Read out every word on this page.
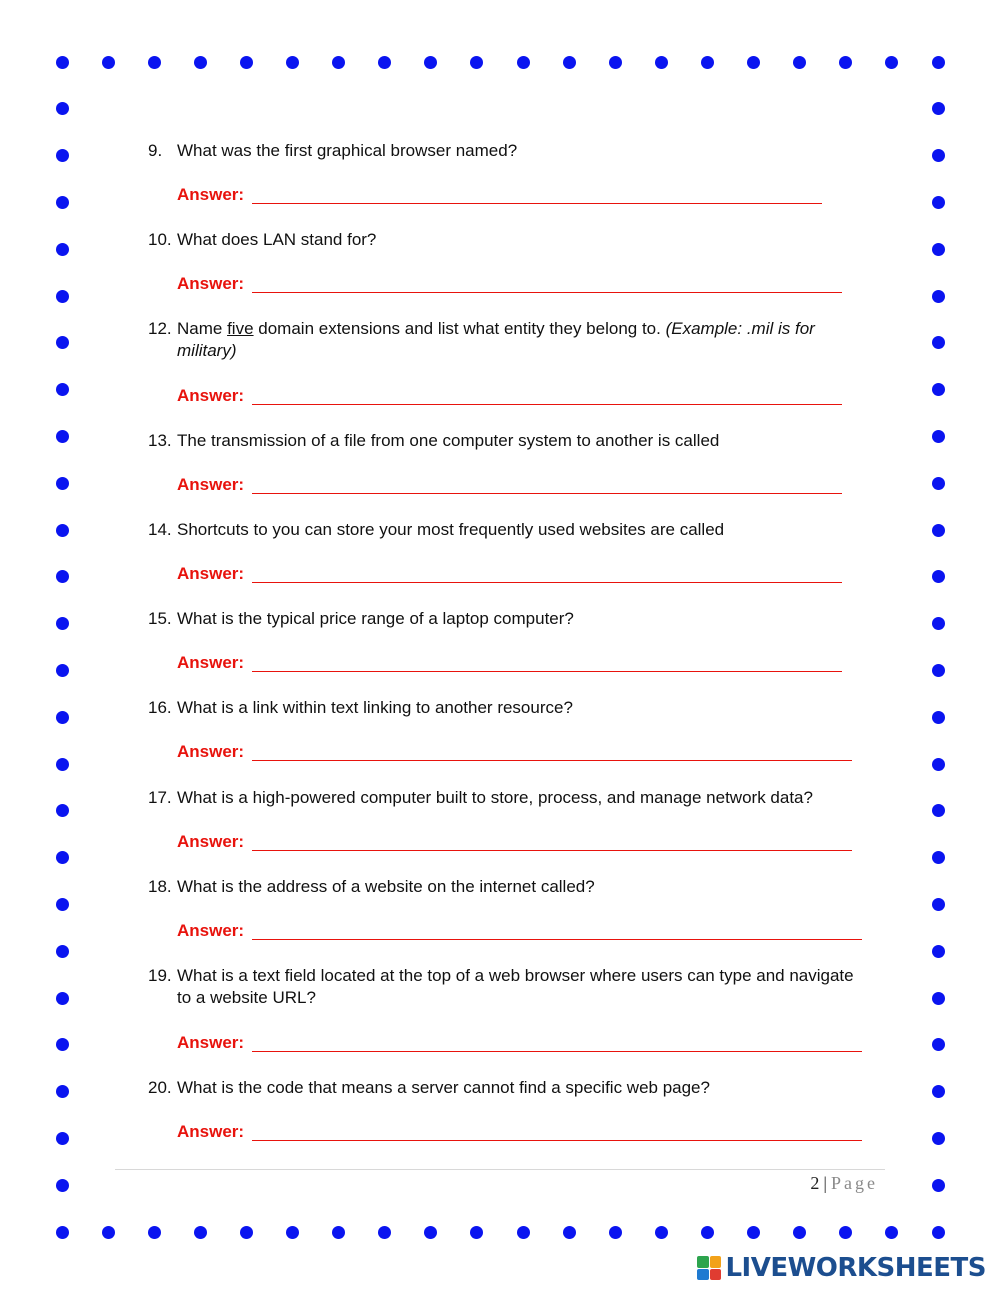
9. What was the first graphical browser named?
Answer:
10. What does LAN stand for?
Answer:
12. Name five domain extensions and list what entity they belong to. (Example: .mil is for military)
Answer:
13. The transmission of a file from one computer system to another is called
Answer:
14. Shortcuts to you can store your most frequently used websites are called
Answer:
15. What is the typical price range of a laptop computer?
Answer:
16. What is a link within text linking to another resource?
Answer:
17. What is a high-powered computer built to store, process, and manage network data?
Answer:
18. What is the address of a website on the internet called?
Answer:
19. What is a text field located at the top of a web browser where users can type and navigate to a website URL?
Answer:
20. What is the code that means a server cannot find a specific web page?
Answer:
2 | Page
LIVEWORKSHEETS
